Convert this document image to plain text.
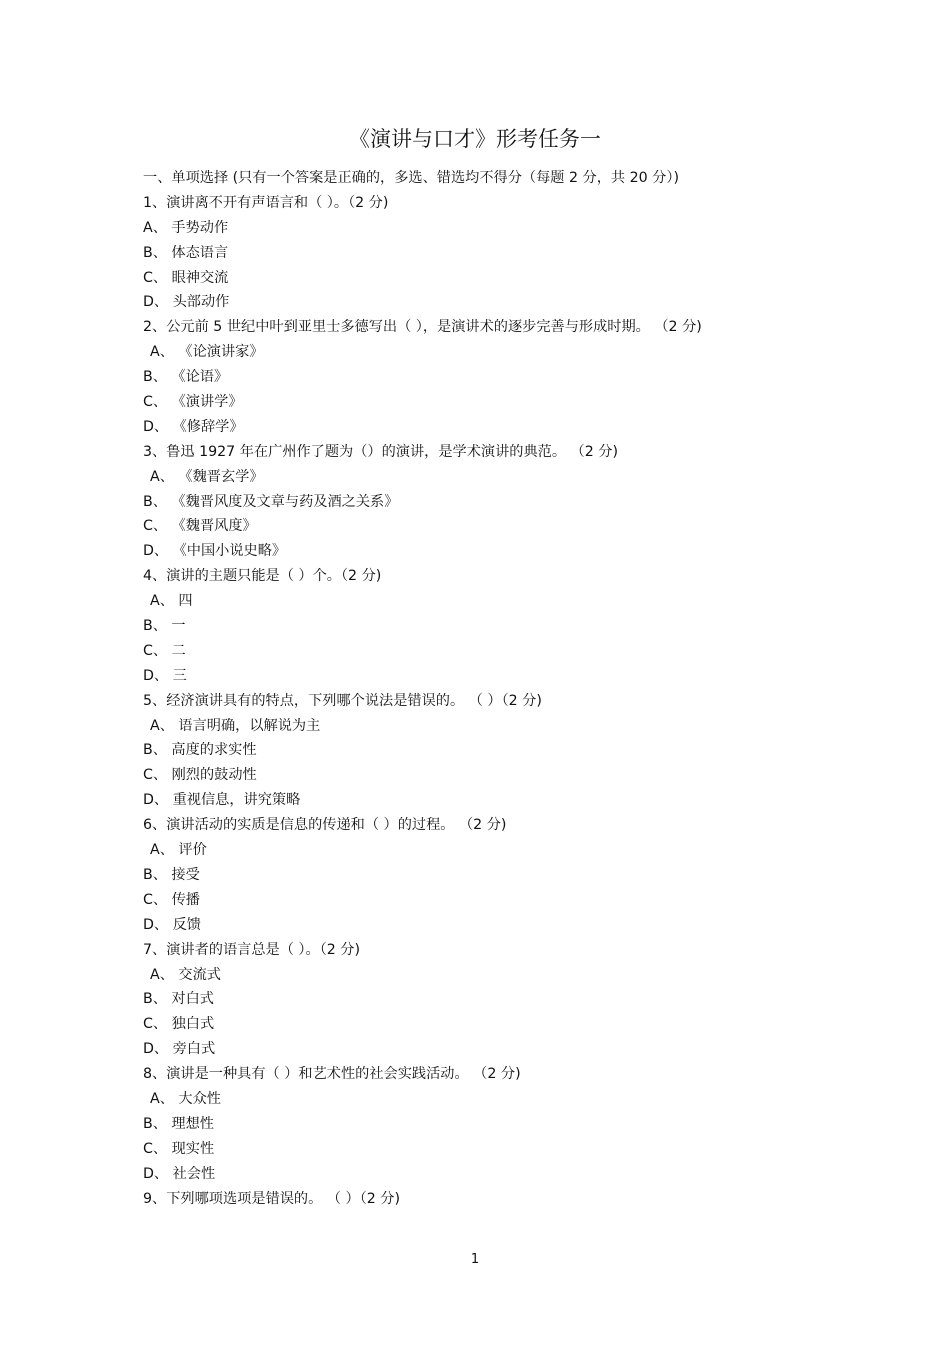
《演讲与口才》形考任务一
一、单项选择 (只有一个答案是正确的，多选、错选均不得分（每题 2 分，共 20 分）)
1、演讲离不开有声语言和（ ）。（2 分)
A、 手势动作
B、 体态语言
C、 眼神交流
D、 头部动作
2、公元前 5 世纪中叶到亚里士多德写出（ ），是演讲术的逐步完善与形成时期。 （2 分)
A、 《论演讲家》
B、 《论语》
C、 《演讲学》
D、 《修辞学》
3、鲁迅 1927 年在广州作了题为（）的演讲，是学术演讲的典范。 （2 分)
A、 《魏晋玄学》
B、 《魏晋风度及文章与药及酒之关系》
C、 《魏晋风度》
D、 《中国小说史略》
4、演讲的主题只能是（ ）个。（2 分)
A、 四
B、 一
C、 二
D、 三
5、经济演讲具有的特点，下列哪个说法是错误的。 （ ）（2 分)
A、 语言明确，以解说为主
B、 高度的求实性
C、 刚烈的鼓动性
D、 重视信息，讲究策略
6、演讲活动的实质是信息的传递和（ ）的过程。 （2 分)
A、 评价
B、 接受
C、 传播
D、 反馈
7、演讲者的语言总是（ ）。（2 分)
A、 交流式
B、 对白式
C、 独白式
D、 旁白式
8、演讲是一种具有（ ）和艺术性的社会实践活动。 （2 分)
A、 大众性
B、 理想性
C、 现实性
D、 社会性
9、下列哪项选项是错误的。 （ ）（2 分)
1
